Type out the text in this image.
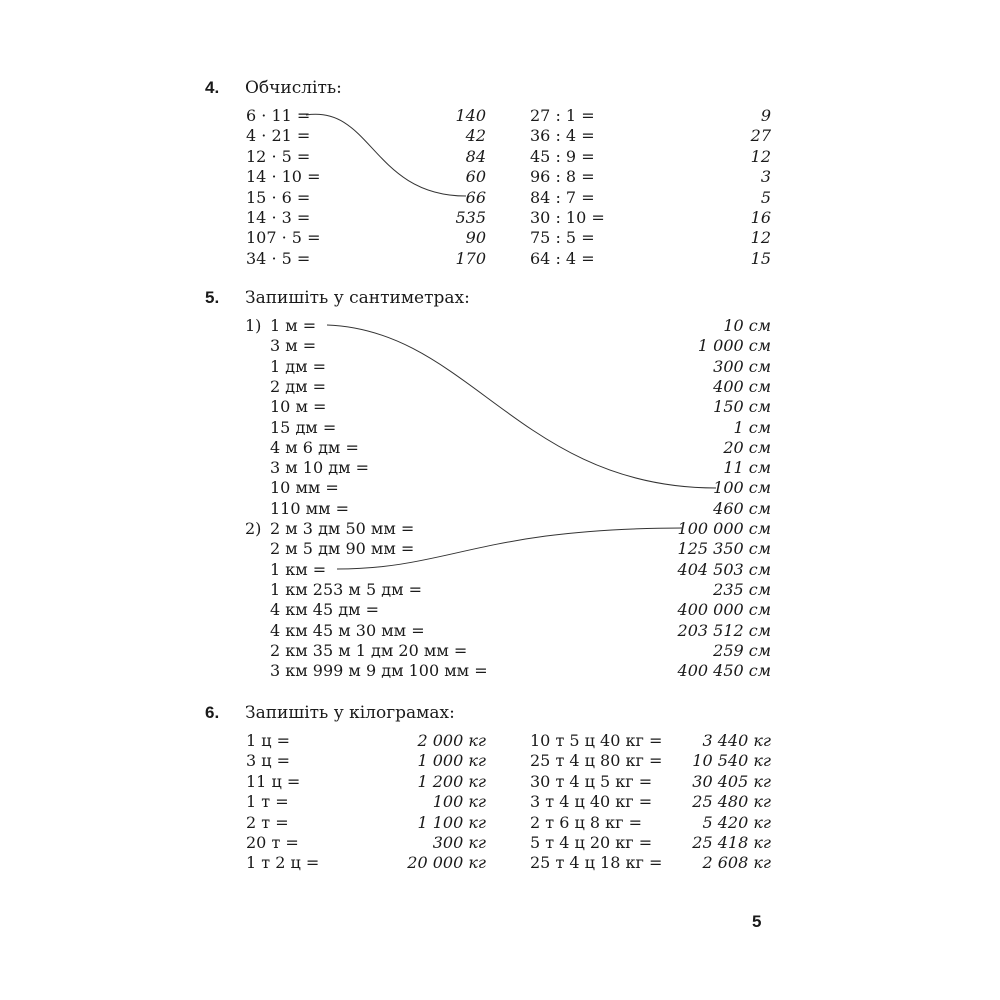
4. Обчисліть:
6 · 11 =	140	27 : 1 =	9
4 · 21 =	42	36 : 4 =	27
12 · 5 =	84	45 : 9 =	12
14 · 10 =	60	96 : 8 =	3
15 · 6 =	66	84 : 7 =	5
14 · 3 =	535	30 : 10 =	16
107 · 5 =	90	75 : 5 =	12
34 · 5 =	170	64 : 4 =	15
5. Запишіть у сантиметрах:
1)
2)
1 м =	10 см
3 м =	1 000 см
1 дм =	300 см
2 дм =	400 см
10 м =	150 см
15 дм =	1 см
4 м 6 дм =	20 см
3 м 10 дм =	11 см
10 мм =	100 см
110 мм =	460 см
2 м 3 дм 50 мм =	100 000 см
2 м 5 дм 90 мм =	125 350 см
1 км =	404 503 см
1 км 253 м 5 дм =	235 см
4 км 45 дм =	400 000 см
4 км 45 м 30 мм =	203 512 см
2 км 35 м 1 дм 20 мм =	259 см
3 км 999 м 9 дм 100 мм =	400 450 см
6. Запишіть у кілограмах:
1 ц =	2 000 кг	10 т 5 ц 40 кг =	3 440 кг
3 ц =	1 000 кг	25 т 4 ц 80 кг =	10 540 кг
11 ц =	1 200 кг	30 т 4 ц 5 кг =	30 405 кг
1 т =	100 кг	3 т 4 ц 40 кг =	25 480 кг
2 т =	1 100 кг	2 т 6 ц 8 кг =	5 420 кг
20 т =	300 кг	5 т 4 ц 20 кг =	25 418 кг
1 т 2 ц =	20 000 кг	25 т 4 ц 18 кг =	2 608 кг
5
